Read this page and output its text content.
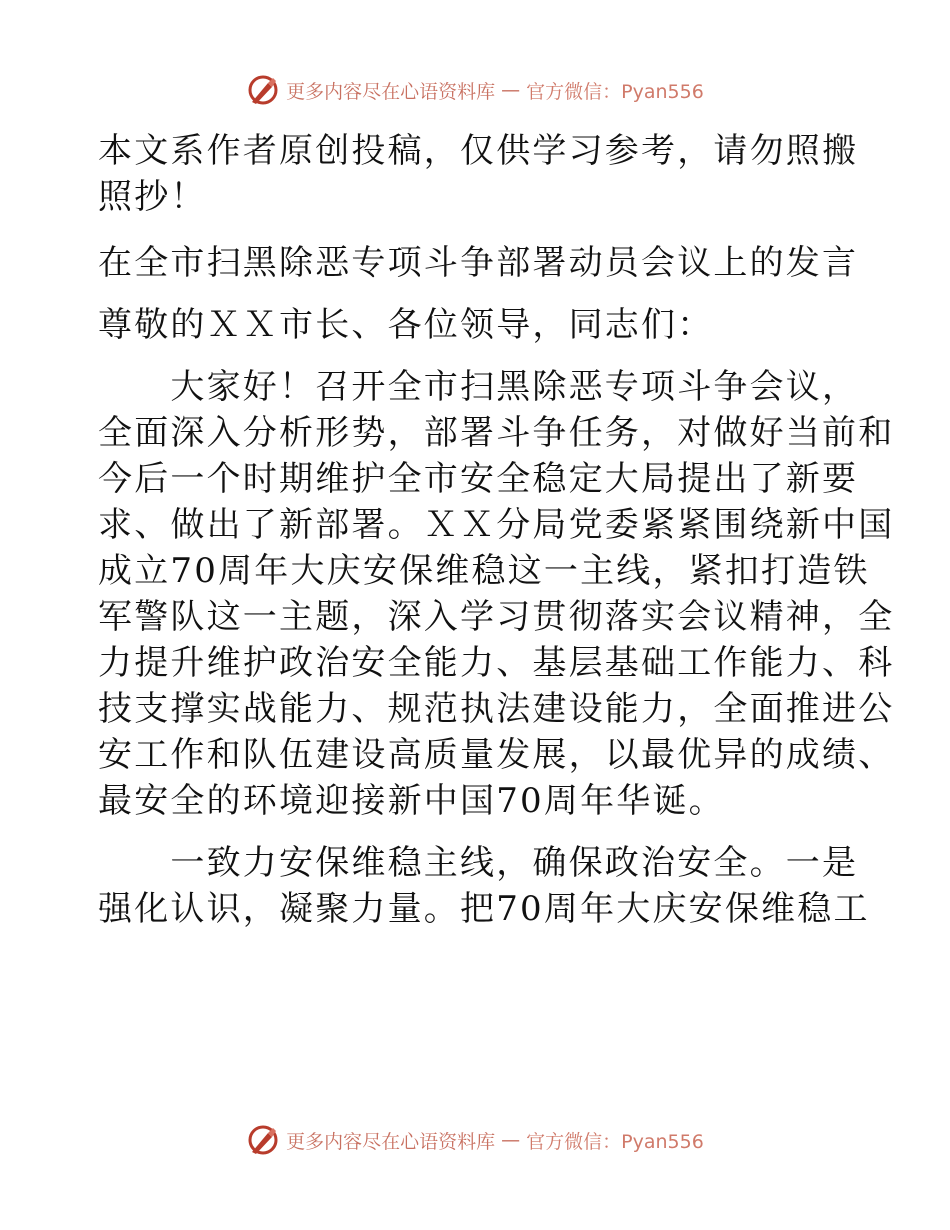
更多内容尽在心语资料库 — 官方微信：Pyan556
本文系作者原创投稿，仅供学习参考，请勿照搬
照抄！
在全市扫黑除恶专项斗争部署动员会议上的发言
尊敬的ＸＸ市长、各位领导，同志们：
　　大家好！召开全市扫黑除恶专项斗争会议，
全面深入分析形势，部署斗争任务，对做好当前和
今后一个时期维护全市安全稳定大局提出了新要
求、做出了新部署。ＸＸ分局党委紧紧围绕新中国
成立70周年大庆安保维稳这一主线，紧扣打造铁
军警队这一主题，深入学习贯彻落实会议精神，全
力提升维护政治安全能力、基层基础工作能力、科
技支撑实战能力、规范执法建设能力，全面推进公
安工作和队伍建设高质量发展，以最优异的成绩、
最安全的环境迎接新中国70周年华诞。
　　一致力安保维稳主线，确保政治安全。一是
强化认识，凝聚力量。把70周年大庆安保维稳工
更多内容尽在心语资料库 — 官方微信：Pyan556
